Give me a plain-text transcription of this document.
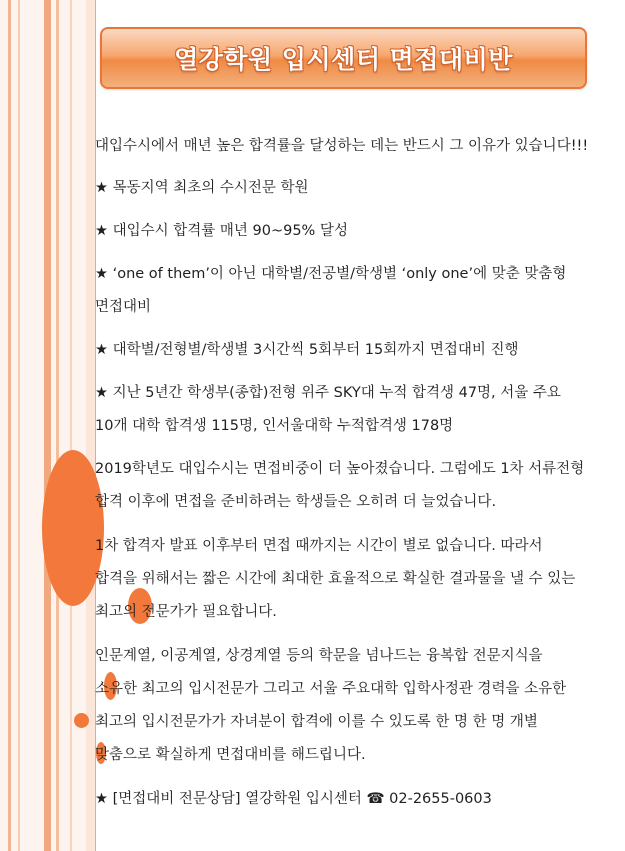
열강학원 입시센터 면접대비반

대입수시에서 매년 높은 합격률을 달성하는 데는 반드시 그 이유가 있습니다!!!

★ 목동지역 최초의 수시전문 학원

★ 대입수시 합격률 매년 90~95% 달성

★ ‘one of them’이 아닌 대학별/전공별/학생별 ‘only one’에 맞춘 맞춤형 면접대비

★ 대학별/전형별/학생별 3시간씩 5회부터 15회까지 면접대비 진행

★ 지난 5년간 학생부(종합)전형 위주 SKY대 누적 합격생 47명, 서울 주요 10개 대학 합격생 115명, 인서울대학 누적합격생 178명

2019학년도 대입수시는 면접비중이 더 높아졌습니다. 그럼에도 1차 서류전형 합격 이후에 면접을 준비하려는 학생들은 오히려 더 늘었습니다.

1차 합격자 발표 이후부터 면접 때까지는 시간이 별로 없습니다. 따라서 합격을 위해서는 짧은 시간에 최대한 효율적으로 확실한 결과물을 낼 수 있는 최고의 전문가가 필요합니다.

인문계열, 이공계열, 상경계열 등의 학문을 넘나드는 융복합 전문지식을 소유한 최고의 입시전문가 그리고 서울 주요대학 입학사정관 경력을 소유한 최고의 입시전문가가 자녀분이 합격에 이를 수 있도록 한 명 한 명 개별 맞춤으로 확실하게 면접대비를 해드립니다.

★ [면접대비 전문상담] 열강학원 입시센터 ☎ 02-2655-0603
